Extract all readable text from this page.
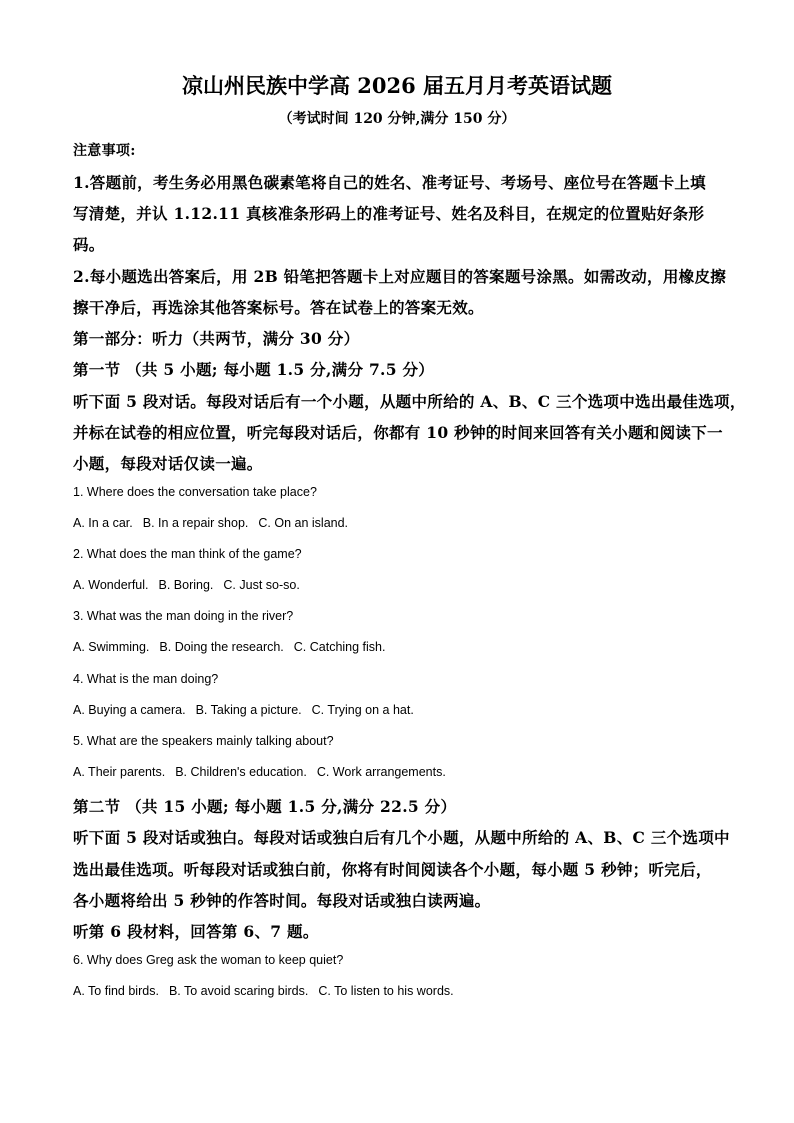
凉山州民族中学高 2026 届五月月考英语试题
（考试时间 120 分钟,满分 150 分）
注意事项:
1.答题前，考生务必用黑色碳素笔将自己的姓名、准考证号、考场号、座位号在答题卡上填
写清楚，并认 1.12.11 真核准条形码上的准考证号、姓名及科目，在规定的位置贴好条形
码。
2.每小题选出答案后，用 2B 铅笔把答题卡上对应题目的答案题号涂黑。如需改动，用橡皮擦
擦干净后，再选涂其他答案标号。答在试卷上的答案无效。
第一部分：听力（共两节，满分 30 分）
第一节 （共 5 小题; 每小题 1.5 分,满分 7.5 分）
听下面 5 段对话。每段对话后有一个小题，从题中所给的 A、B、C 三个选项中选出最佳选项，
并标在试卷的相应位置，听完每段对话后，你都有 10 秒钟的时间来回答有关小题和阅读下一
小题，每段对话仅读一遍。
1. Where does the conversation take place?
A. In a car. B. In a repair shop. C. On an island.
2. What does the man think of the game?
A. Wonderful. B. Boring. C. Just so-so.
3. What was the man doing in the river?
A. Swimming. B. Doing the research. C. Catching fish.
4. What is the man doing?
A. Buying a camera. B. Taking a picture. C. Trying on a hat.
5. What are the speakers mainly talking about?
A. Their parents. B. Children's education. C. Work arrangements.
第二节 （共 15 小题; 每小题 1.5 分,满分 22.5 分）
听下面 5 段对话或独白。每段对话或独白后有几个小题，从题中所给的 A、B、C 三个选项中
选出最佳选项。听每段对话或独白前，你将有时间阅读各个小题，每小题 5 秒钟；听完后，
各小题将给出 5 秒钟的作答时间。每段对话或独白读两遍。
听第 6 段材料，回答第 6、7 题。
6. Why does Greg ask the woman to keep quiet?
A. To find birds. B. To avoid scaring birds. C. To listen to his words.
